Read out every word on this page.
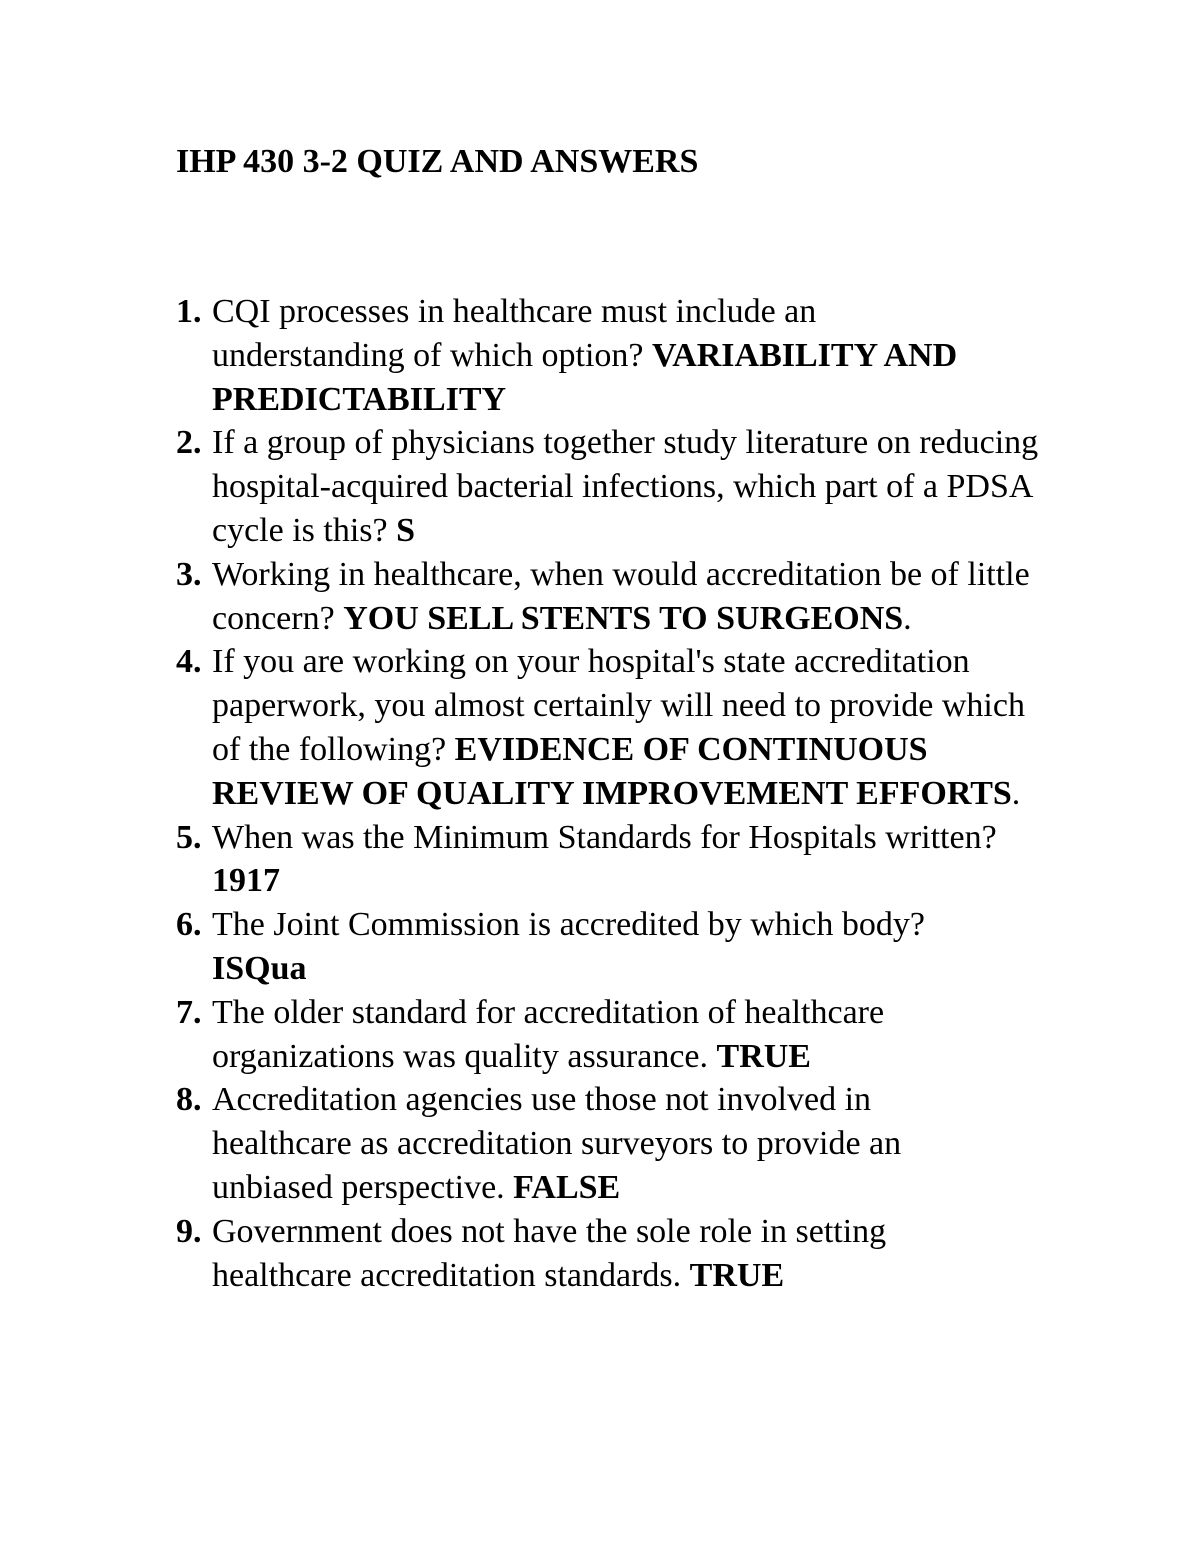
IHP 430 3-2 QUIZ AND ANSWERS
1. CQI processes in healthcare must include an understanding of which option? VARIABILITY AND PREDICTABILITY
2. If a group of physicians together study literature on reducing hospital-acquired bacterial infections, which part of a PDSA cycle is this? S
3. Working in healthcare, when would accreditation be of little concern? YOU SELL STENTS TO SURGEONS.
4. If you are working on your hospital's state accreditation paperwork, you almost certainly will need to provide which of the following? EVIDENCE OF CONTINUOUS REVIEW OF QUALITY IMPROVEMENT EFFORTS.
5. When was the Minimum Standards for Hospitals written? 1917
6. The Joint Commission is accredited by which body? ISQua
7. The older standard for accreditation of healthcare organizations was quality assurance. TRUE
8. Accreditation agencies use those not involved in healthcare as accreditation surveyors to provide an unbiased perspective. FALSE
9. Government does not have the sole role in setting healthcare accreditation standards. TRUE
